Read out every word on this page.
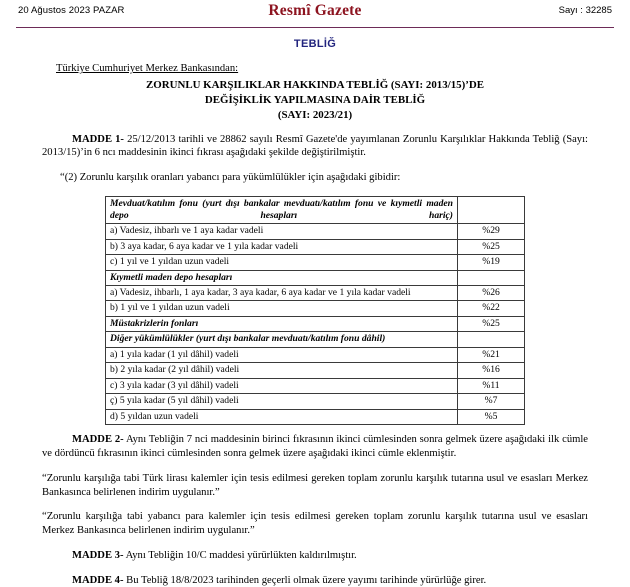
20 Ağustos 2023 PAZAR	Resmî Gazete	Sayı : 32285
TEBLİĞ
Türkiye Cumhuriyet Merkez Bankasından:
ZORUNLU KARŞILIKLAR HAKKINDA TEBLİĞ (SAYI: 2013/15)’DE
DEĞİŞİKLİK YAPILMASINA DAİR TEBLİĞ
(SAYI: 2023/21)

MADDE 1- 25/12/2013 tarihli ve 28862 sayılı Resmî Gazete'de yayımlanan Zorunlu Karşılıklar Hakkında Tebliğ (Sayı: 2013/15)’in 6 ncı maddesinin ikinci fıkrası aşağıdaki şekilde değiştirilmiştir.

“(2) Zorunlu karşılık oranları yabancı para yükümlülükler için aşağıdaki gibidir:

Mevduat/katılım fonu (yurt dışı bankalar mevduatı/katılım fonu ve kıymetli maden depo hesapları hariç)	
a) Vadesiz, ihbarlı ve 1 aya kadar vadeli	%29
b) 3 aya kadar, 6 aya kadar ve 1 yıla kadar vadeli	%25
c) 1 yıl ve 1 yıldan uzun vadeli	%19
Kıymetli maden depo hesapları	
a) Vadesiz, ihbarlı, 1 aya kadar, 3 aya kadar, 6 aya kadar ve 1 yıla kadar vadeli	%26
b) 1 yıl ve 1 yıldan uzun vadeli	%22
Müstakrizlerin fonları	%25
Diğer yükümlülükler (yurt dışı bankalar mevduatı/katılım fonu dâhil)	
a) 1 yıla kadar (1 yıl dâhil) vadeli	%21
b) 2 yıla kadar (2 yıl dâhil) vadeli	%16
c) 3 yıla kadar (3 yıl dâhil) vadeli	%11
ç) 5 yıla kadar (5 yıl dâhil) vadeli	%7
d) 5 yıldan uzun vadeli	%5

MADDE 2- Aynı Tebliğin 7 nci maddesinin birinci fıkrasının ikinci cümlesinden sonra gelmek üzere aşağıdaki ilk cümle ve dördüncü fıkrasının ikinci cümlesinden sonra gelmek üzere aşağıdaki ikinci cümle eklenmiştir.

“Zorunlu karşılığa tabi Türk lirası kalemler için tesis edilmesi gereken toplam zorunlu karşılık tutarına usul ve esasları Merkez Bankasınca belirlenen indirim uygulanır.”

“Zorunlu karşılığa tabi yabancı para kalemler için tesis edilmesi gereken toplam zorunlu karşılık tutarına usul ve esasları Merkez Bankasınca belirlenen indirim uygulanır.”

MADDE 3- Aynı Tebliğin 10/C maddesi yürürlükten kaldırılmıştır.

MADDE 4- Bu Tebliğ 18/8/2023 tarihinden geçerli olmak üzere yayımı tarihinde yürürlüğe girer.
